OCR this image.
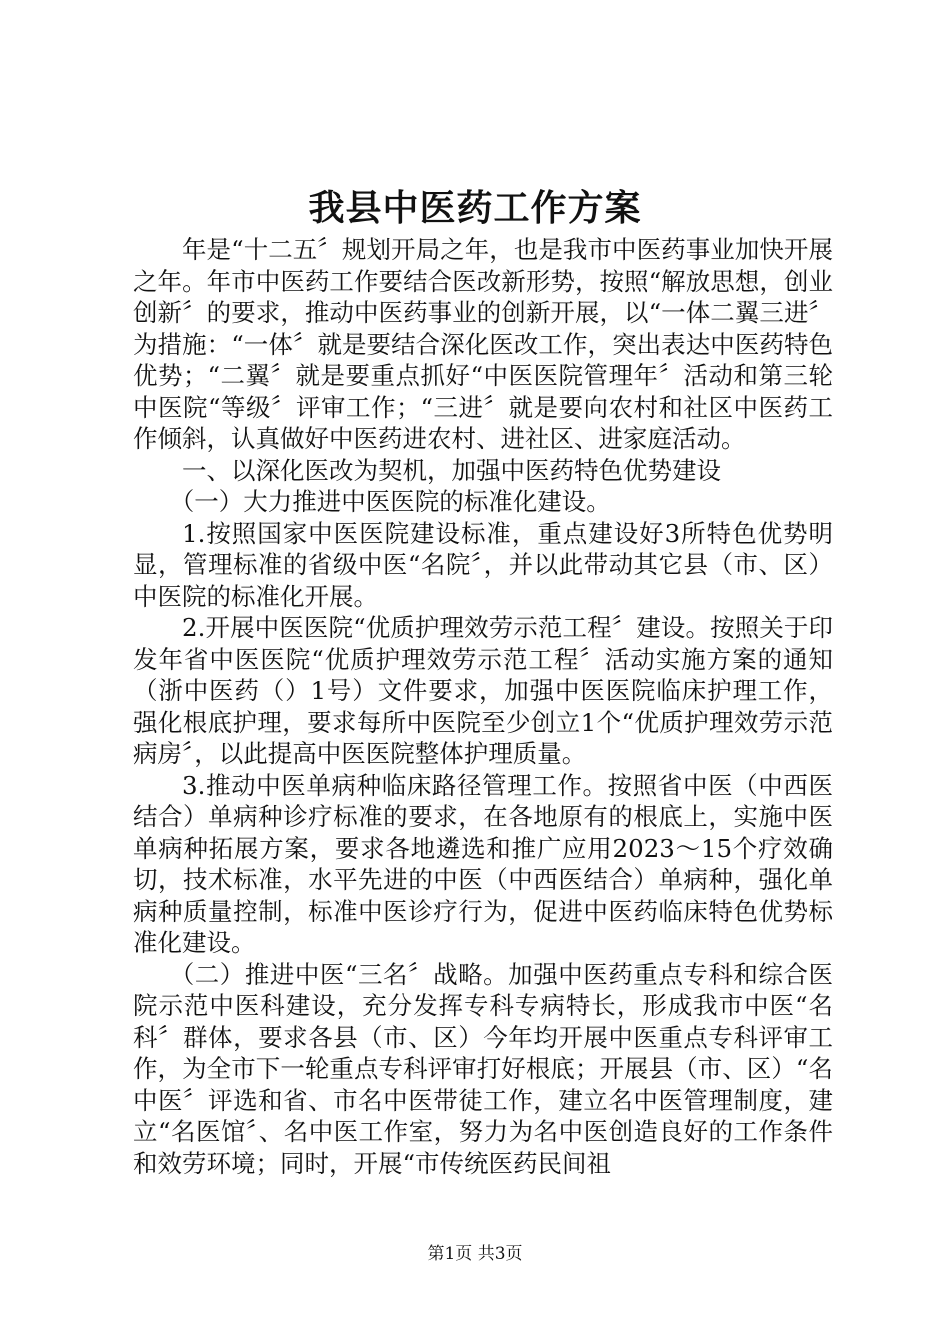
我县中医药工作方案

年是“十二五〞规划开局之年，也是我市中医药事业加快开展之年。年市中医药工作要结合医改新形势，按照“解放思想，创业创新〞的要求，推动中医药事业的创新开展，以“一体二翼三进〞为措施：“一体〞就是要结合深化医改工作，突出表达中医药特色优势；“二翼〞就是要重点抓好“中医医院管理年〞活动和第三轮中医院“等级〞评审工作；“三进〞就是要向农村和社区中医药工作倾斜，认真做好中医药进农村、进社区、进家庭活动。

一、以深化医改为契机，加强中医药特色优势建设

（一）大力推进中医医院的标准化建设。

1.按照国家中医医院建设标准，重点建设好3所特色优势明显，管理标准的省级中医“名院〞，并以此带动其它县（市、区）中医院的标准化开展。

2.开展中医医院“优质护理效劳示范工程〞建设。按照关于印发年省中医医院“优质护理效劳示范工程〞活动实施方案的通知（浙中医药（）1号）文件要求，加强中医医院临床护理工作，强化根底护理，要求每所中医院至少创立1个“优质护理效劳示范病房〞，以此提高中医医院整体护理质量。

3.推动中医单病种临床路径管理工作。按照省中医（中西医结合）单病种诊疗标准的要求，在各地原有的根底上，实施中医单病种拓展方案，要求各地遴选和推广应用2023～15个疗效确切，技术标准，水平先进的中医（中西医结合）单病种，强化单病种质量控制，标准中医诊疗行为，促进中医药临床特色优势标准化建设。

（二）推进中医“三名〞战略。加强中医药重点专科和综合医院示范中医科建设，充分发挥专科专病特长，形成我市中医“名科〞群体，要求各县（市、区）今年均开展中医重点专科评审工作，为全市下一轮重点专科评审打好根底；开展县（市、区）“名中医〞评选和省、市名中医带徒工作，建立名中医管理制度，建立“名医馆〞、名中医工作室，努力为名中医创造良好的工作条件和效劳环境；同时，开展“市传统医药民间祖

第1页 共3页
